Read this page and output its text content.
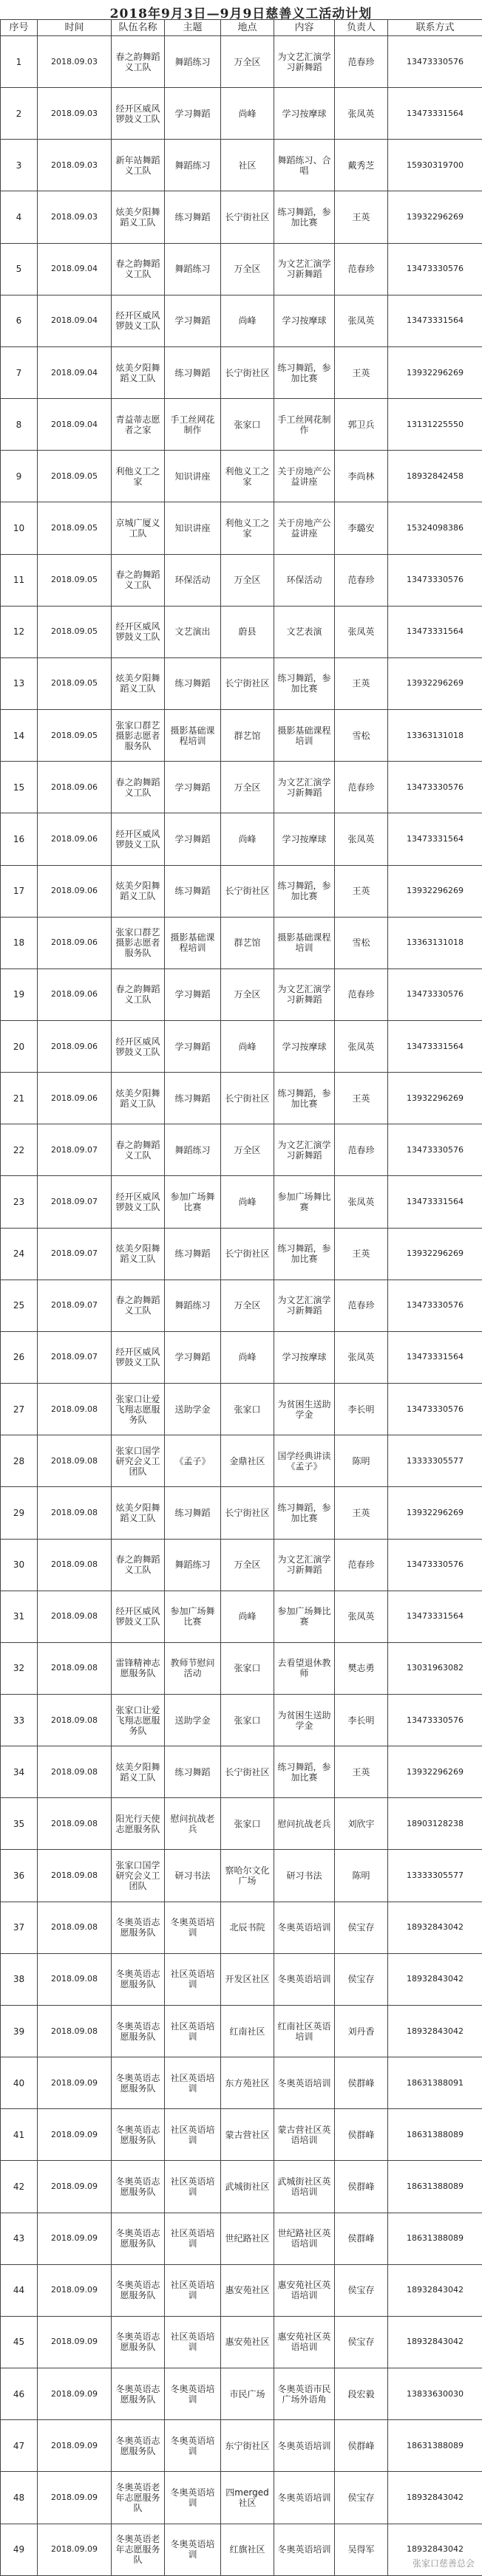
2018年9月3日—9月9日慈善义工活动计划
序号	时间	队伍名称	主题	地点	内容	负责人	联系方式
1	2018.09.03	春之韵舞蹈义工队	舞蹈练习	万全区	为文艺汇演学习新舞蹈	范春珍	13473330576
2	2018.09.03	经开区威风锣鼓义工队	学习舞蹈	尚峰	学习按摩球	张凤英	13473331564
3	2018.09.03	新年站舞蹈义工队	舞蹈练习	社区	舞蹈练习、合唱	戴秀芝	15930319700
4	2018.09.03	炫美夕阳舞蹈义工队	练习舞蹈	长宁街社区	练习舞蹈，参加比赛	王英	13932296269
5	2018.09.04	春之韵舞蹈义工队	舞蹈练习	万全区	为文艺汇演学习新舞蹈	范春珍	13473330576
6	2018.09.04	经开区威风锣鼓义工队	学习舞蹈	尚峰	学习按摩球	张凤英	13473331564
7	2018.09.04	炫美夕阳舞蹈义工队	练习舞蹈	长宁街社区	练习舞蹈，参加比赛	王英	13932296269
8	2018.09.04	青益蒂志愿者之家	手工丝网花制作	张家口	手工丝网花制作	郭卫兵	13131225550
9	2018.09.05	利他义工之家	知识讲座	利他义工之家	关于房地产公益讲座	李尚林	18932842458
10	2018.09.05	京城广厦义工队	知识讲座	利他义工之家	关于房地产公益讲座	李璐安	15324098386
11	2018.09.05	春之韵舞蹈义工队	环保活动	万全区	环保活动	范春珍	13473330576
12	2018.09.05	经开区威风锣鼓义工队	文艺演出	蔚县	文艺表演	张凤英	13473331564
13	2018.09.05	炫美夕阳舞蹈义工队	练习舞蹈	长宁街社区	练习舞蹈，参加比赛	王英	13932296269
14	2018.09.05	张家口群艺摄影志愿者服务队	摄影基础课程培训	群艺馆	摄影基础课程培训	雪松	13363131018
15	2018.09.06	春之韵舞蹈义工队	学习舞蹈	万全区	为文艺汇演学习新舞蹈	范春珍	13473330576
16	2018.09.06	经开区威风锣鼓义工队	学习舞蹈	尚峰	学习按摩球	张凤英	13473331564
17	2018.09.06	炫美夕阳舞蹈义工队	练习舞蹈	长宁街社区	练习舞蹈，参加比赛	王英	13932296269
18	2018.09.06	张家口群艺摄影志愿者服务队	摄影基础课程培训	群艺馆	摄影基础课程培训	雪松	13363131018
19	2018.09.06	春之韵舞蹈义工队	学习舞蹈	万全区	为文艺汇演学习新舞蹈	范春珍	13473330576
20	2018.09.06	经开区威风锣鼓义工队	学习舞蹈	尚峰	学习按摩球	张凤英	13473331564
21	2018.09.06	炫美夕阳舞蹈义工队	练习舞蹈	长宁街社区	练习舞蹈，参加比赛	王英	13932296269
22	2018.09.07	春之韵舞蹈义工队	舞蹈练习	万全区	为文艺汇演学习新舞蹈	范春珍	13473330576
23	2018.09.07	经开区威风锣鼓义工队	参加广场舞比赛	尚峰	参加广场舞比赛	张凤英	13473331564
24	2018.09.07	炫美夕阳舞蹈义工队	练习舞蹈	长宁街社区	练习舞蹈，参加比赛	王英	13932296269
25	2018.09.07	春之韵舞蹈义工队	舞蹈练习	万全区	为文艺汇演学习新舞蹈	范春珍	13473330576
26	2018.09.07	经开区威风锣鼓义工队	学习舞蹈	尚峰	学习按摩球	张凤英	13473331564
27	2018.09.08	张家口让爱飞翔志愿服务队	送助学金	张家口	为贫困生送助学金	李长明	13473330576
28	2018.09.08	张家口国学研究会义工团队	《孟子》	金鼎社区	国学经典讲读《孟子》	陈明	13333305577
29	2018.09.08	炫美夕阳舞蹈义工队	练习舞蹈	长宁街社区	练习舞蹈，参加比赛	王英	13932296269
30	2018.09.08	春之韵舞蹈义工队	舞蹈练习	万全区	为文艺汇演学习新舞蹈	范春珍	13473330576
31	2018.09.08	经开区威风锣鼓义工队	参加广场舞比赛	尚峰	参加广场舞比赛	张凤英	13473331564
32	2018.09.08	雷锋精神志愿服务队	教师节慰问活动	张家口	去看望退休教师	樊志勇	13031963082
33	2018.09.08	张家口让爱飞翔志愿服务队	送助学金	张家口	为贫困生送助学金	李长明	13473330576
34	2018.09.08	炫美夕阳舞蹈义工队	练习舞蹈	长宁街社区	练习舞蹈，参加比赛	王英	13932296269
35	2018.09.08	阳光行天使志愿服务队	慰问抗战老兵	张家口	慰问抗战老兵	刘欣宇	18903128238
36	2018.09.08	张家口国学研究会义工团队	研习书法	察哈尔文化广场	研习书法	陈明	13333305577
37	2018.09.08	冬奥英语志愿服务队	冬奥英语培训	北辰书院	冬奥英语培训	侯宝存	18932843042
38	2018.09.08	冬奥英语志愿服务队	社区英语培训	开发区社区	冬奥英语培训	侯宝存	18932843042
39	2018.09.08	冬奥英语志愿服务队	社区英语培训	红南社区	红南社区英语培训	刘丹香	18932843042
40	2018.09.09	冬奥英语志愿服务队	社区英语培训	东方苑社区	冬奥英语培训	侯群峰	18631388091
41	2018.09.09	冬奥英语志愿服务队	社区英语培训	蒙古营社区	蒙古营社区英语培训	侯群峰	18631388089
42	2018.09.09	冬奥英语志愿服务队	社区英语培训	武城街社区	武城街社区英语培训	侯群峰	18631388089
43	2018.09.09	冬奥英语志愿服务队	社区英语培训	世纪路社区	世纪路社区英语培训	侯群峰	18631388089
44	2018.09.09	冬奥英语志愿服务队	社区英语培训	惠安苑社区	惠安苑社区英语培训	侯宝存	18932843042
45	2018.09.09	冬奥英语志愿服务队	社区英语培训	惠安苑社区	惠安苑社区英语培训	侯宝存	18932843042
46	2018.09.09	冬奥英语志愿服务队	冬奥英语培训	市民广场	冬奥英语市民广场外语角	段宏毅	13833630030
47	2018.09.09	冬奥英语志愿服务队	冬奥英语培训	东宁街社区	冬奥英语培训	侯群峰	18631388089
48	2018.09.09	冬奥英语老年志愿服务队	冬奥英语培训	四merged社区	冬奥英语培训	侯宝存	18932843042
49	2018.09.09	冬奥英语老年志愿服务队	冬奥英语培训	红旗社区	冬奥英语培训	吴得军	18932843042
张家口慈善总会
